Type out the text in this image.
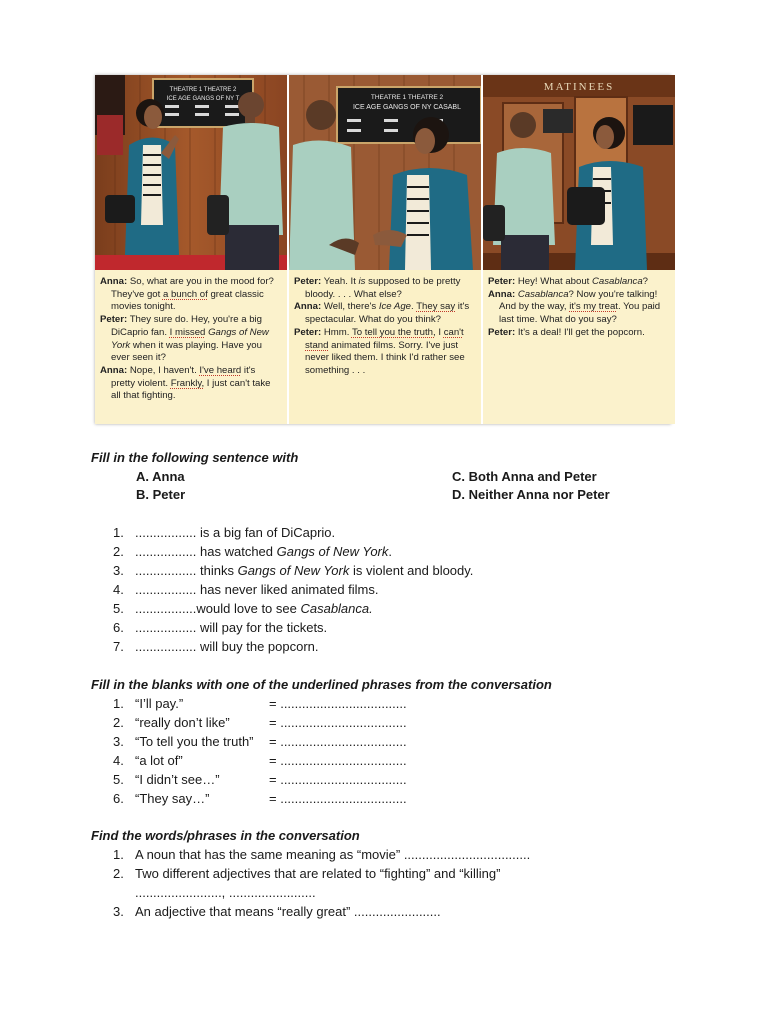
THEATRE 1 THEATRE 2
ICE AGE GANGS OF NY T

Anna: So, what are you in the mood for? They've got a bunch of great classic movies tonight.

Peter: They sure do. Hey, you're a big DiCaprio fan. I missed Gangs of New York when it was playing. Have you ever seen it?

Anna: Nope, I haven't. I've heard it's pretty violent. Frankly, I just can't take all that fighting.

THEATRE 1 THEATRE 2
ICE AGE GANGS OF NY CASABL

Peter: Yeah. It is supposed to be pretty bloody. . . . What else?

Anna: Well, there's Ice Age. They say it's spectacular. What do you think?

Peter: Hmm. To tell you the truth, I can't stand animated films. Sorry. I've just never liked them. I think I'd rather see something . . .

MATINEES

Peter: Hey! What about Casablanca?

Anna: Casablanca? Now you're talking! And by the way, it's my treat. You paid last time. What do you say?

Peter: It's a deal! I'll get the popcorn.

Fill in the following sentence with
A. Anna
B. Peter
C. Both Anna and Peter
D. Neither Anna nor Peter
1. ................. is a big fan of DiCaprio.
2. ................. has watched Gangs of New York.
3. ................. thinks Gangs of New York is violent and bloody.
4. ................. has never liked animated films.
5. .................would love to see Casablanca.
6. ................. will pay for the tickets.
7. ................. will buy the popcorn.
Fill in the blanks with one of the underlined phrases from the conversation
1. “I’ll pay.”	= ...................................
2. “really don’t like”	= ...................................
3. “To tell you the truth” = ...................................
4. “a lot of”	= ...................................
5. “I didn’t see…”	= ...................................
6. “They say…”	= ...................................
Find the words/phrases in the conversation
1. A noun that has the same meaning as “movie” ...................................
2. Two different adjectives that are related to “fighting” and “killing”
........................, ........................
3. An adjective that means “really great” ........................
